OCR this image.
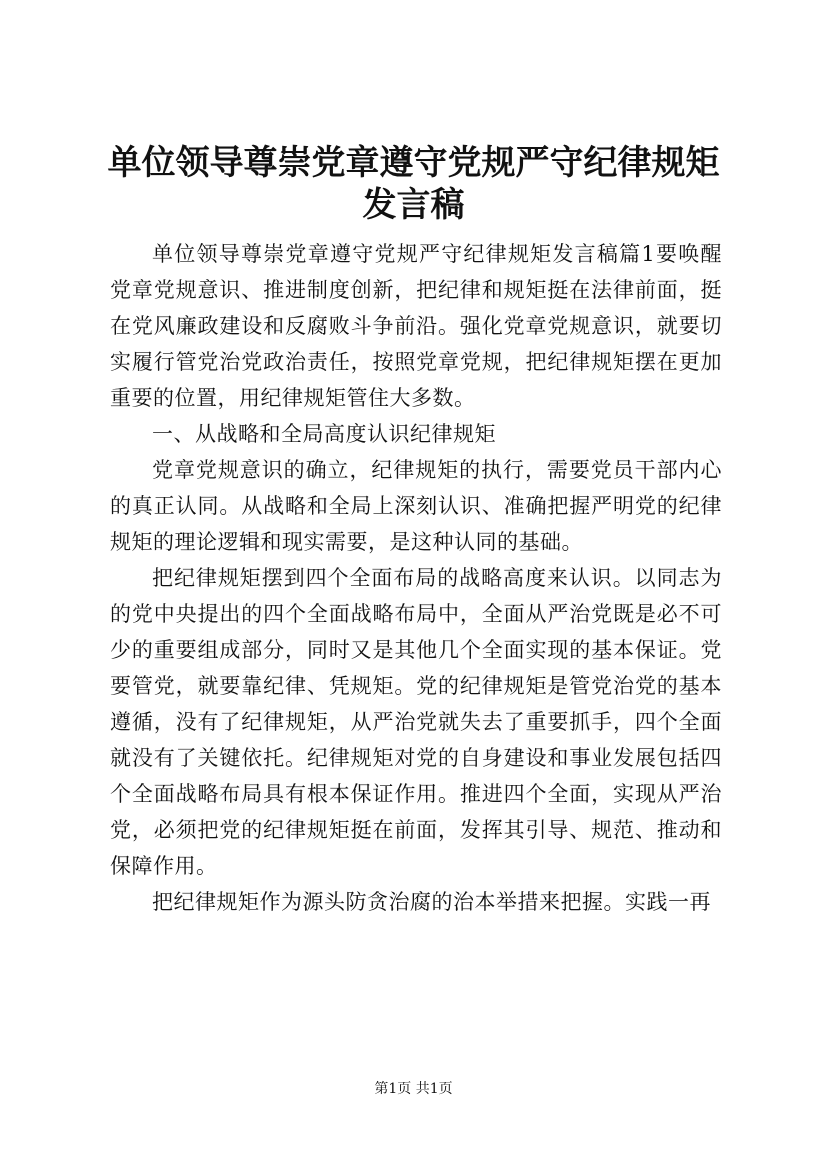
单位领导尊崇党章遵守党规严守纪律规矩发言稿

单位领导尊崇党章遵守党规严守纪律规矩发言稿篇1要唤醒党章党规意识、推进制度创新，把纪律和规矩挺在法律前面，挺在党风廉政建设和反腐败斗争前沿。强化党章党规意识，就要切实履行管党治党政治责任，按照党章党规，把纪律规矩摆在更加重要的位置，用纪律规矩管住大多数。

一、从战略和全局高度认识纪律规矩

党章党规意识的确立，纪律规矩的执行，需要党员干部内心的真正认同。从战略和全局上深刻认识、准确把握严明党的纪律规矩的理论逻辑和现实需要，是这种认同的基础。

把纪律规矩摆到四个全面布局的战略高度来认识。以同志为的党中央提出的四个全面战略布局中，全面从严治党既是必不可少的重要组成部分，同时又是其他几个全面实现的基本保证。党要管党，就要靠纪律、凭规矩。党的纪律规矩是管党治党的基本遵循，没有了纪律规矩，从严治党就失去了重要抓手，四个全面就没有了关键依托。纪律规矩对党的自身建设和事业发展包括四个全面战略布局具有根本保证作用。推进四个全面，实现从严治党，必须把党的纪律规矩挺在前面，发挥其引导、规范、推动和保障作用。

把纪律规矩作为源头防贪治腐的治本举措来把握。实践一再

第1页 共1页
